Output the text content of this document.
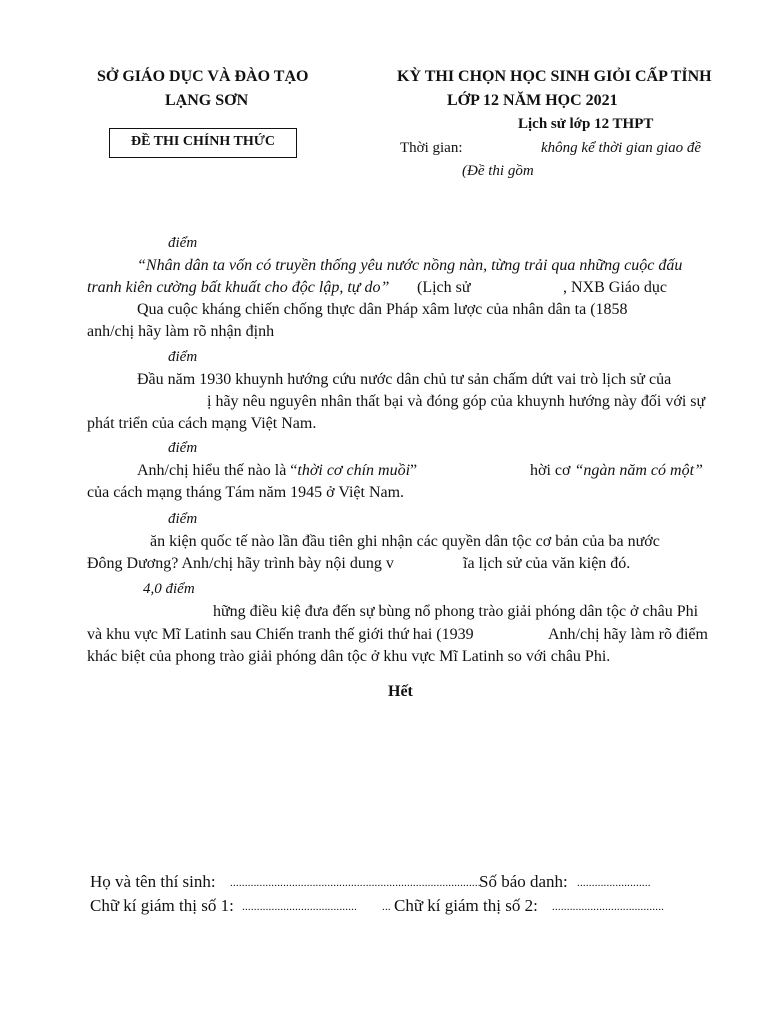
SỞ GIÁO DỤC VÀ ĐÀO TẠO
LẠNG SƠN
ĐỀ THI CHÍNH THỨC
KỲ THI CHỌN HỌC SINH GIỎI CẤP TỈNH
LỚP 12 NĂM HỌC 2021
Lịch sử lớp 12 THPT
Thời gian:	không kể thời gian giao đề
(Đề thi gồm
điểm
“Nhân dân ta vốn có truyền thống yêu nước nồng nàn, từng trải qua những cuộc đấu
tranh kiên cường bất khuất cho độc lập, tự do” (Lịch sử	, NXB Giáo dục
Qua cuộc kháng chiến chống thực dân Pháp xâm lược của nhân dân ta (1858
anh/chị hãy làm rõ nhận định
điểm
Đầu năm 1930 khuynh hướng cứu nước dân chủ tư sản chấm dứt vai trò lịch sử của
ị hãy nêu nguyên nhân thất bại và đóng góp của khuynh hướng này đối với sự
phát triển của cách mạng Việt Nam.
điểm
Anh/chị hiểu thế nào là “thời cơ chín muồi”	hời cơ “ngàn năm có một”
của cách mạng tháng Tám năm 1945 ở Việt Nam.
điểm
ăn kiện quốc tế nào lần đầu tiên ghi nhận các quyền dân tộc cơ bản của ba nước
Đông Dương? Anh/chị hãy trình bày nội dung v	ĩa lịch sử của văn kiện đó.
4,0 điểm
hững điều kiệ đưa đến sự bùng nổ phong trào giải phóng dân tộc ở châu Phi
và khu vực Mĩ Latinh sau Chiến tranh thế giới thứ hai (1939	Anh/chị hãy làm rõ điểm
khác biệt của phong trào giải phóng dân tộc ở khu vực Mĩ Latinh so với châu Phi.
Hết
Họ và tên thí sinh: .....................................................................................
Số báo danh: .........................
Chữ kí giám thị số 1: ....................................... ... Chữ kí giám thị số 2: ......................................
